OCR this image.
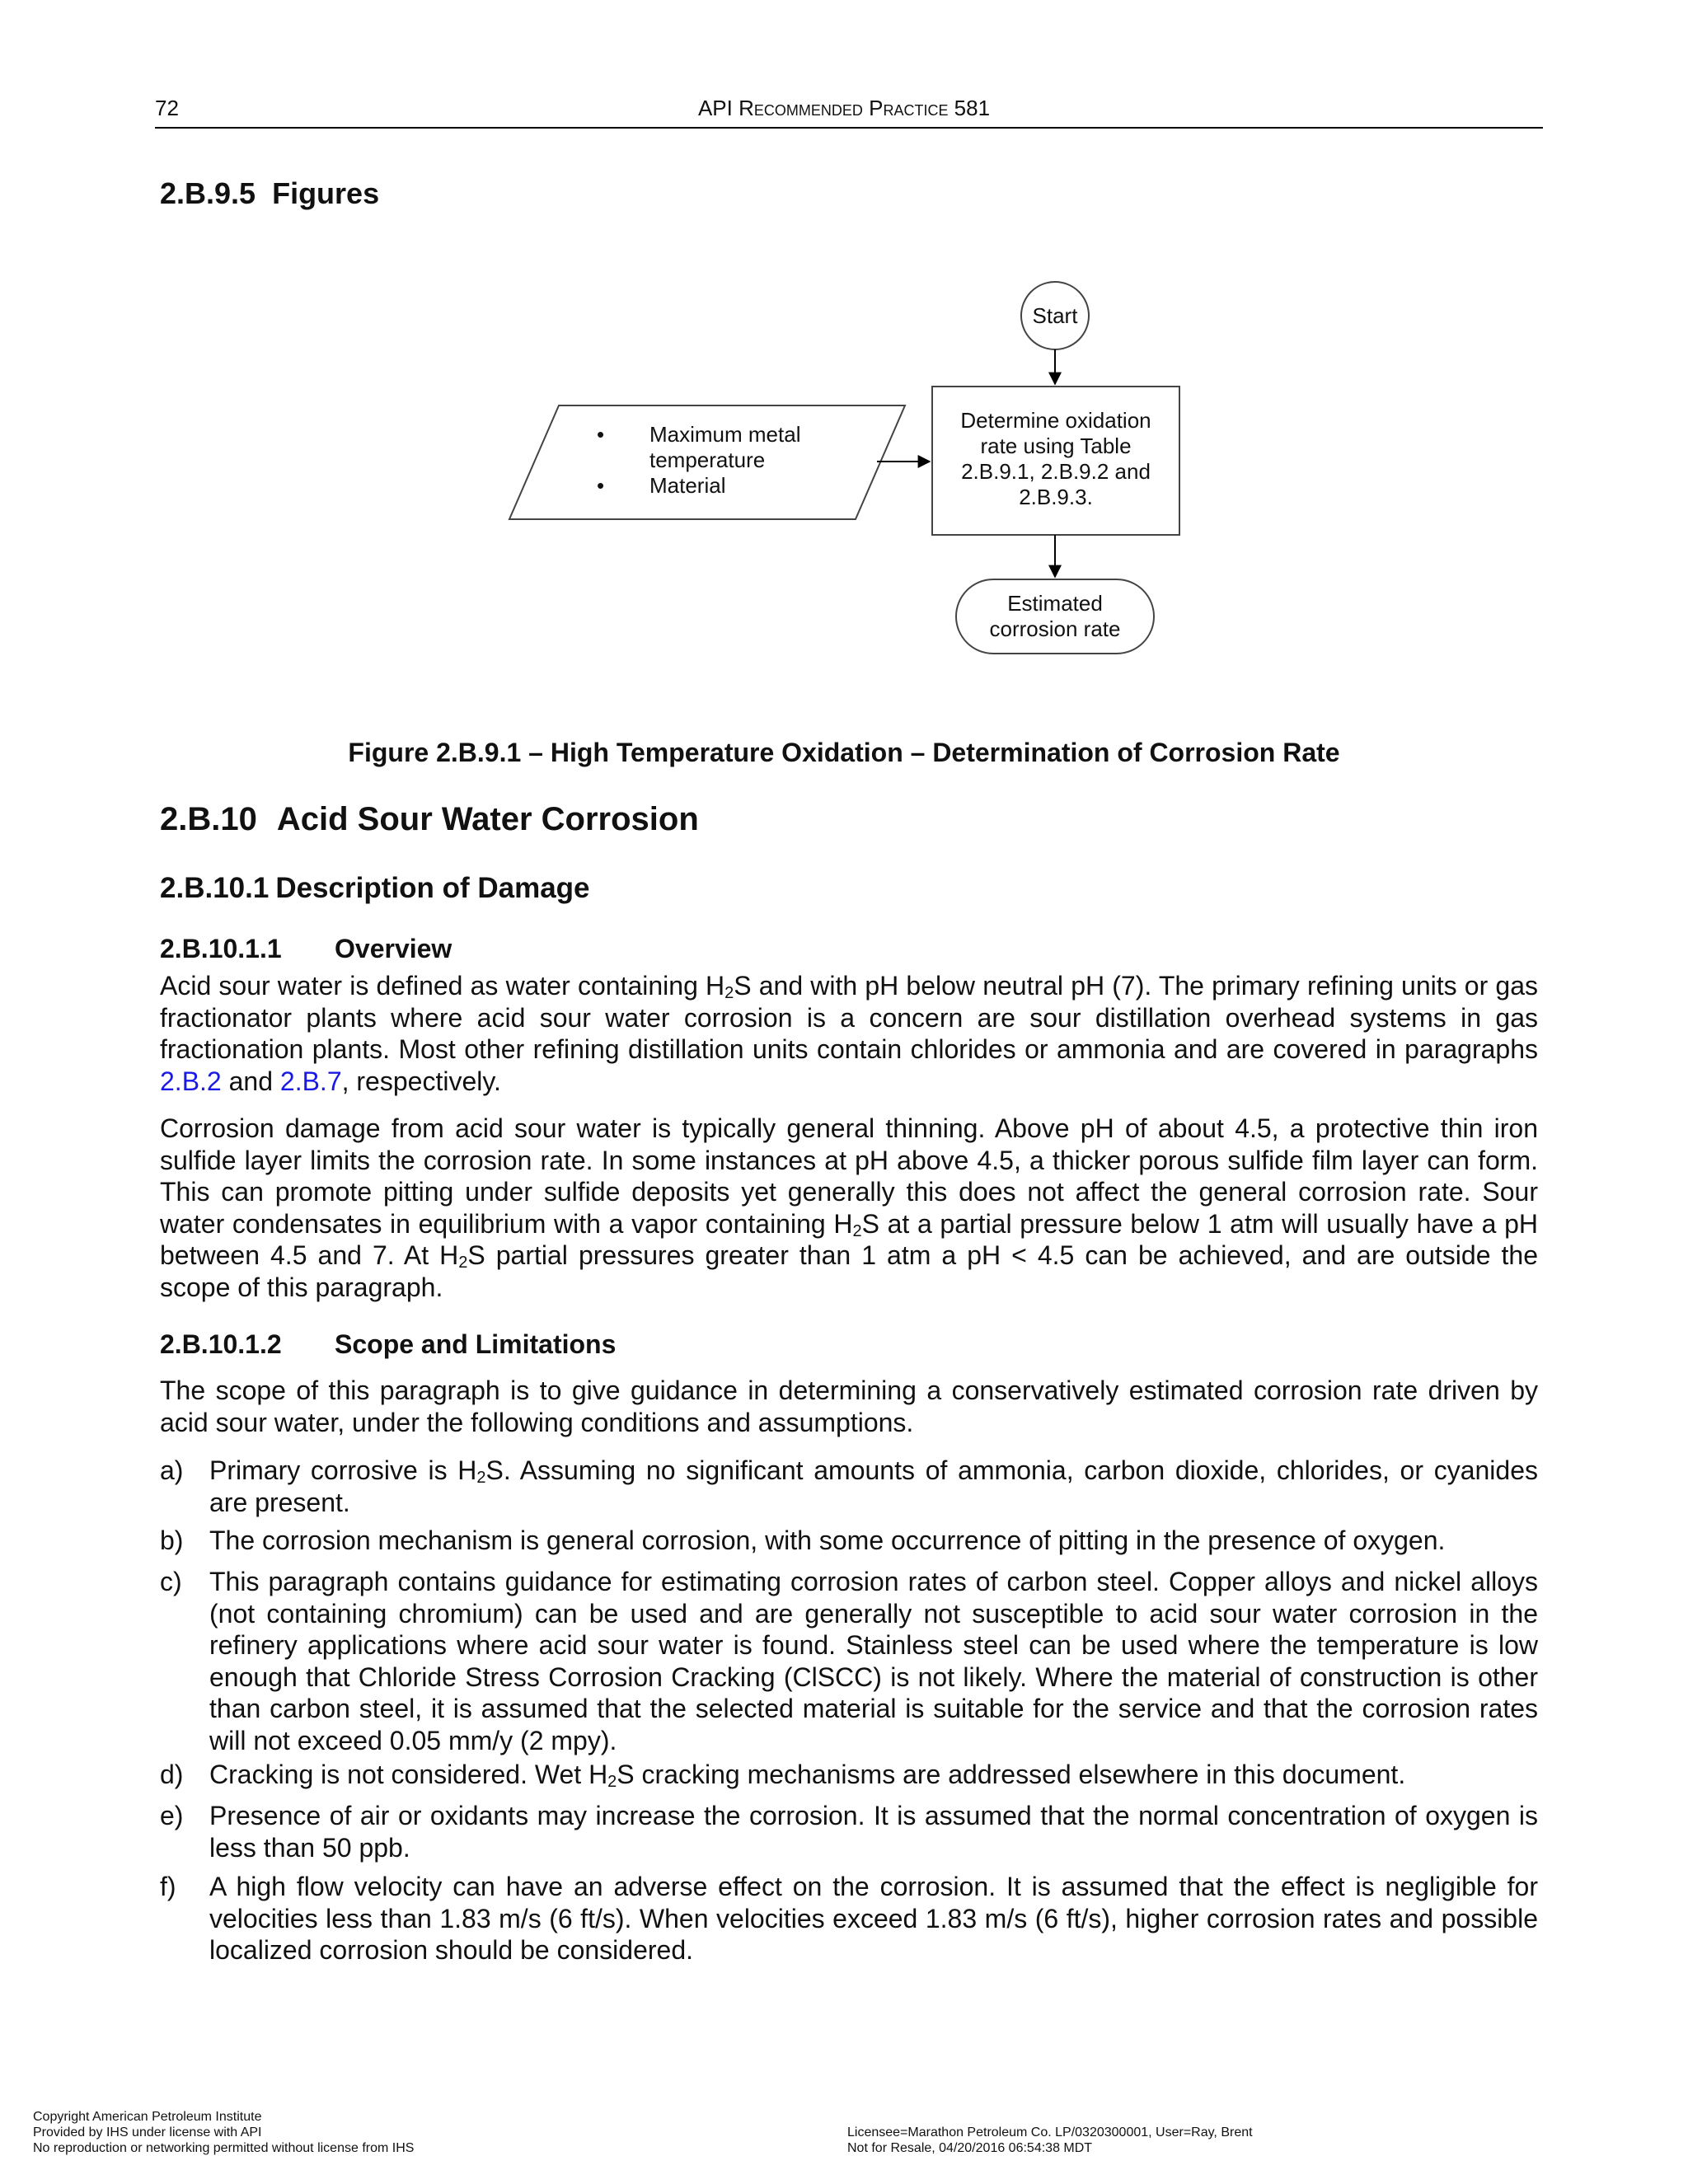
72	API Recommended Practice 581
2.B.9.5 Figures
Start
• Maximum metal temperature
• Material
Determine oxidation
rate using Table
2.B.9.1, 2.B.9.2 and
2.B.9.3.
Estimated
corrosion rate
Figure 2.B.9.1 – High Temperature Oxidation – Determination of Corrosion Rate
2.B.10 Acid Sour Water Corrosion
2.B.10.1 Description of Damage
2.B.10.1.1 Overview

Acid sour water is defined as water containing $H_2S$ and with pH below neutral pH (7). The primary refining units or gas fractionator plants where acid sour water corrosion is a concern are sour distillation overhead systems in gas fractionation plants. Most other refining distillation units contain chlorides or ammonia and are covered in paragraphs 2.B.2 and 2.B.7, respectively.

Corrosion damage from acid sour water is typically general thinning. Above pH of about 4.5, a protective thin iron sulfide layer limits the corrosion rate. In some instances at pH above 4.5, a thicker porous sulfide film layer can form. This can promote pitting under sulfide deposits yet generally this does not affect the general corrosion rate. Sour water condensates in equilibrium with a vapor containing $H_2S$ at a partial pressure below 1 atm will usually have a pH between 4.5 and 7. At $H_2S$ partial pressures greater than 1 atm a pH < 4.5 can be achieved, and are outside the scope of this paragraph.

2.B.10.1.2 Scope and Limitations

The scope of this paragraph is to give guidance in determining a conservatively estimated corrosion rate driven by acid sour water, under the following conditions and assumptions.

a) Primary corrosive is $H_2S$. Assuming no significant amounts of ammonia, carbon dioxide, chlorides, or cyanides are present.
b) The corrosion mechanism is general corrosion, with some occurrence of pitting in the presence of oxygen.
c) This paragraph contains guidance for estimating corrosion rates of carbon steel. Copper alloys and nickel alloys (not containing chromium) can be used and are generally not susceptible to acid sour water corrosion in the refinery applications where acid sour water is found. Stainless steel can be used where the temperature is low enough that Chloride Stress Corrosion Cracking (ClSCC) is not likely. Where the material of construction is other than carbon steel, it is assumed that the selected material is suitable for the service and that the corrosion rates will not exceed 0.05 mm/y (2 mpy).
d) Cracking is not considered. Wet $H_2S$ cracking mechanisms are addressed elsewhere in this document.
e) Presence of air or oxidants may increase the corrosion. It is assumed that the normal concentration of oxygen is less than 50 ppb.
f) A high flow velocity can have an adverse effect on the corrosion. It is assumed that the effect is negligible for velocities less than 1.83 m/s (6 ft/s). When velocities exceed 1.83 m/s (6 ft/s), higher corrosion rates and possible localized corrosion should be considered.
Copyright American Petroleum Institute
Provided by IHS under license with API
No reproduction or networking permitted without license from IHS
Licensee=Marathon Petroleum Co. LP/0320300001, User=Ray, Brent
Not for Resale, 04/20/2016 06:54:38 MDT
